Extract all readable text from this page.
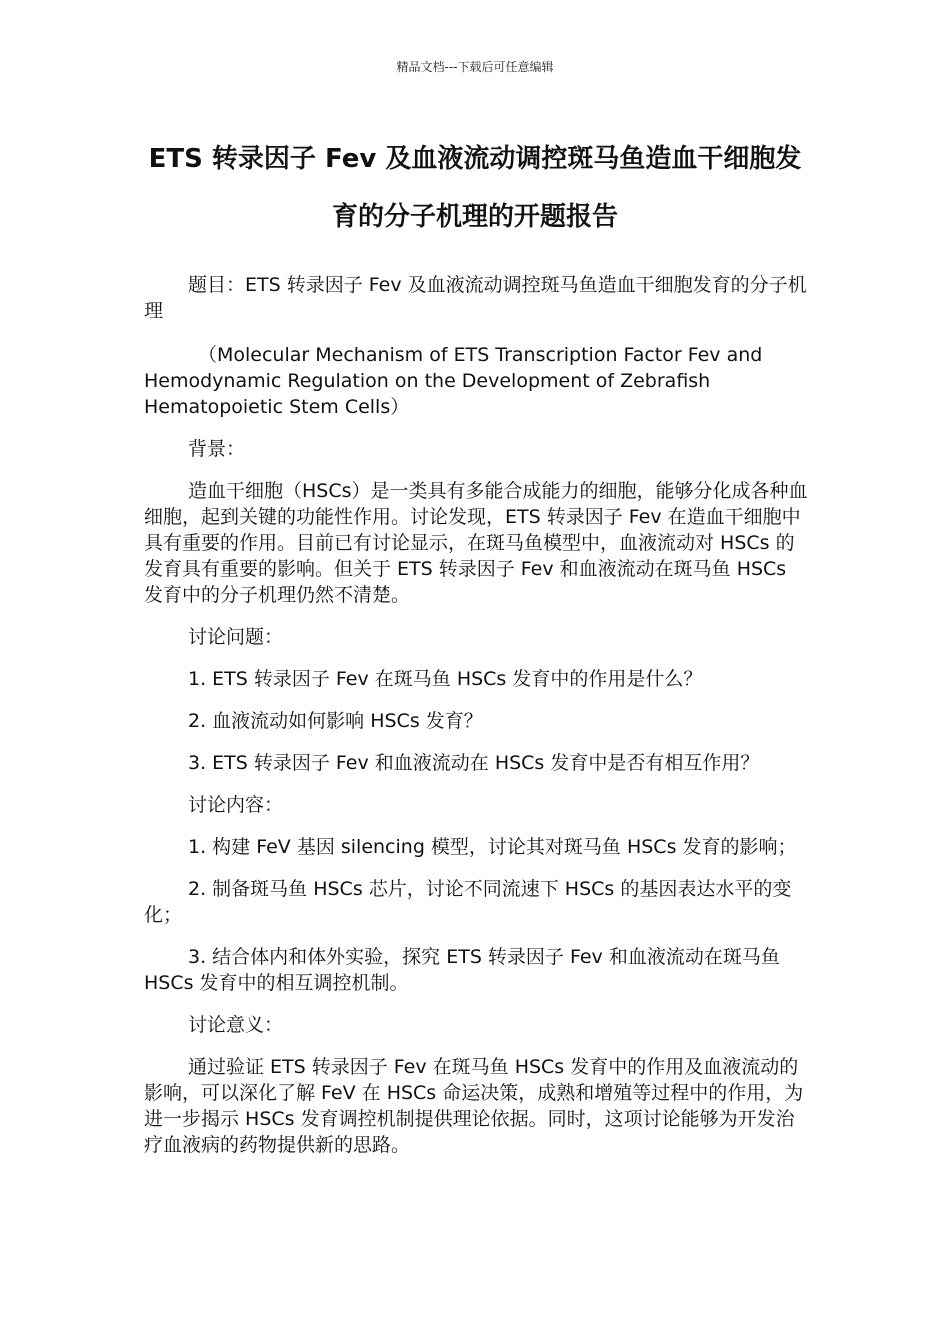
精品文档---下载后可任意编辑
ETS 转录因子 Fev 及血液流动调控斑马鱼造血干细胞发育的分子机理的开题报告

题目：ETS 转录因子 Fev 及血液流动调控斑马鱼造血干细胞发育的分子机理

（Molecular Mechanism of ETS Transcription Factor Fev and Hemodynamic Regulation on the Development of Zebrafish Hematopoietic Stem Cells）

背景：

造血干细胞（HSCs）是一类具有多能合成能力的细胞，能够分化成各种血细胞，起到关键的功能性作用。讨论发现，ETS 转录因子 Fev 在造血干细胞中具有重要的作用。目前已有讨论显示，在斑马鱼模型中，血液流动对 HSCs 的发育具有重要的影响。但关于 ETS 转录因子 Fev 和血液流动在斑马鱼 HSCs 发育中的分子机理仍然不清楚。

讨论问题：

1. ETS 转录因子 Fev 在斑马鱼 HSCs 发育中的作用是什么？

2. 血液流动如何影响 HSCs 发育？

3. ETS 转录因子 Fev 和血液流动在 HSCs 发育中是否有相互作用？

讨论内容：

1. 构建 FeV 基因 silencing 模型，讨论其对斑马鱼 HSCs 发育的影响；

2. 制备斑马鱼 HSCs 芯片，讨论不同流速下 HSCs 的基因表达水平的变化；

3. 结合体内和体外实验，探究 ETS 转录因子 Fev 和血液流动在斑马鱼 HSCs 发育中的相互调控机制。

讨论意义：

通过验证 ETS 转录因子 Fev 在斑马鱼 HSCs 发育中的作用及血液流动的影响，可以深化了解 FeV 在 HSCs 命运决策，成熟和增殖等过程中的作用，为进一步揭示 HSCs 发育调控机制提供理论依据。同时，这项讨论能够为开发治疗血液病的药物提供新的思路。
